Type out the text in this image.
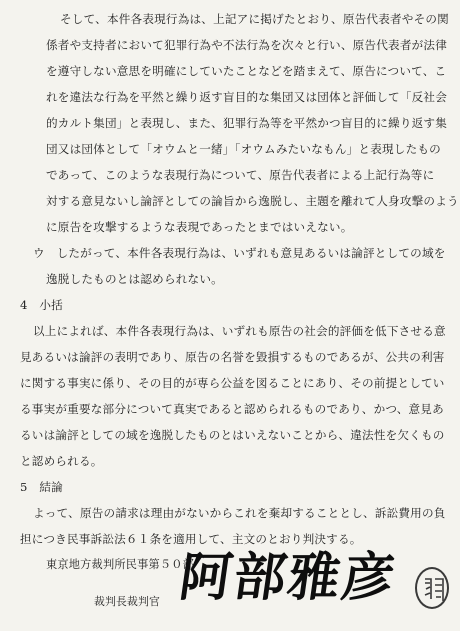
そして、本件各表現行為は、上記アに掲げたとおり、原告代表者やその関
係者や支持者において犯罪行為や不法行為を次々と行い、原告代表者が法律
を遵守しない意思を明確にしていたことなどを踏まえて、原告について、こ
れを違法な行為を平然と繰り返す盲目的な集団又は団体と評価して「反社会
的カルト集団」と表現し、また、犯罪行為等を平然かつ盲目的に繰り返す集
団又は団体として「オウムと一緒」「オウムみたいなもん」と表現したもの
であって、このような表現行為について、原告代表者による上記行為等に
対する意見ないし論評としての論旨から逸脱し、主題を離れて人身攻撃のよう
に原告を攻撃するような表現であったとまではいえない。
ウ　したがって、本件各表現行為は、いずれも意見あるいは論評としての域を
逸脱したものとは認められない。
4　小括
以上によれば、本件各表現行為は、いずれも原告の社会的評価を低下させる意
見あるいは論評の表明であり、原告の名誉を毀損するものであるが、公共の利害
に関する事実に係り、その目的が専ら公益を図ることにあり、その前提としてい
る事実が重要な部分について真実であると認められるものであり、かつ、意見あ
るいは論評としての域を逸脱したものとはいえないことから、違法性を欠くもの
と認められる。
5　結論
よって、原告の請求は理由がないからこれを棄却することとし、訴訟費用の負
担につき民事訴訟法６１条を適用して、主文のとおり判決する。
東京地方裁判所民事第５０部
裁判長裁判官 阿部雅彦
